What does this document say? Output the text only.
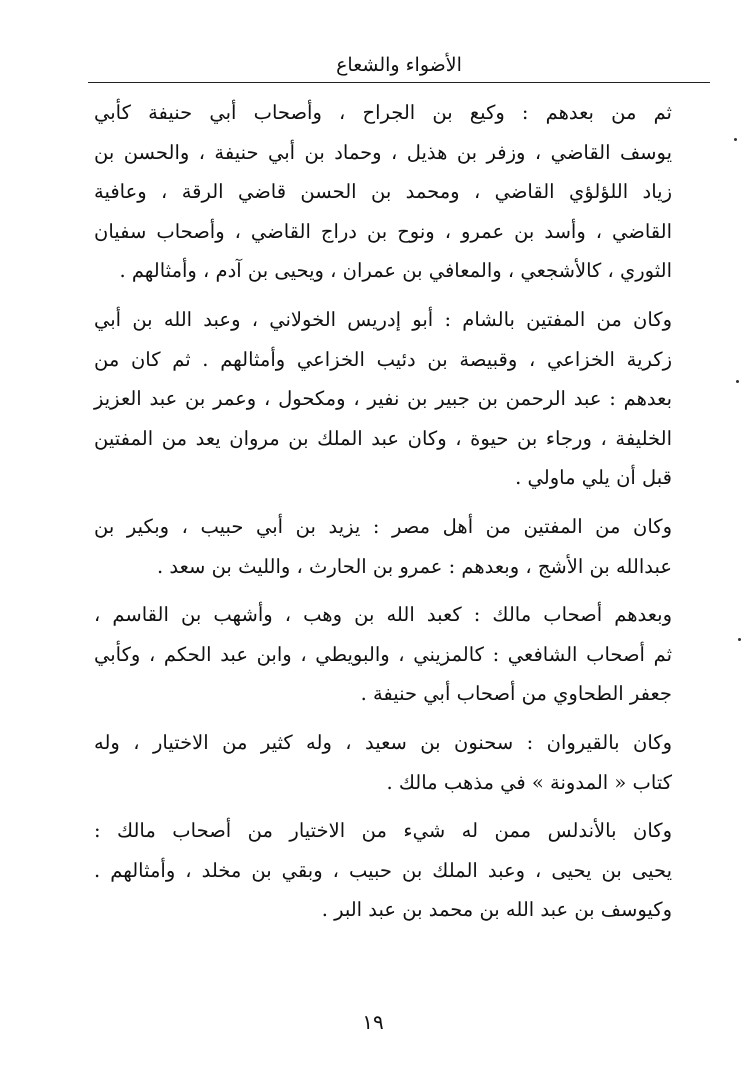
الأضواء والشعاع

ثم من بعدهم : وكيع بن الجراح ، وأصحاب أبي حنيفة كأبي
يوسف القاضي ، وزفر بن هذيل ، وحماد بن أبي حنيفة ، والحسن بن
زياد اللؤلؤي القاضي ، ومحمد بن الحسن قاضي الرقة ، وعافية
القاضي ، وأسد بن عمرو ، ونوح بن دراج القاضي ، وأصحاب سفيان
الثوري ، كالأشجعي ، والمعافي بن عمران ، ويحيى بن آدم ، وأمثالهم .

وكان من المفتين بالشام : أبو إدريس الخولاني ، وعبد الله بن أبي
زكرية الخزاعي ، وقبيصة بن دئيب الخزاعي وأمثالهم . ثم كان من
بعدهم : عبد الرحمن بن جبير بن نفير ، ومكحول ، وعمر بن عبد العزيز
الخليفة ، ورجاء بن حيوة ، وكان عبد الملك بن مروان يعد من المفتين
قبل أن يلي ماولي .

وكان من المفتين من أهل مصر : يزيد بن أبي حبيب ، وبكير بن
عبدالله بن الأشج ، وبعدهم : عمرو بن الحارث ، والليث بن سعد .

وبعدهم أصحاب مالك : كعبد الله بن وهب ، وأشهب بن القاسم ،
ثم أصحاب الشافعي : كالمزيني ، والبويطي ، وابن عبد الحكم ، وكأبي
جعفر الطحاوي من أصحاب أبي حنيفة .

وكان بالقيروان : سحنون بن سعيد ، وله كثير من الاختيار ، وله
كتاب « المدونة » في مذهب مالك .

وكان بالأندلس ممن له شيء من الاختيار من أصحاب مالك :
يحيى بن يحيى ، وعبد الملك بن حبيب ، وبقي بن مخلد ، وأمثالهم .
وكيوسف بن عبد الله بن محمد بن عبد البر .

١٩
